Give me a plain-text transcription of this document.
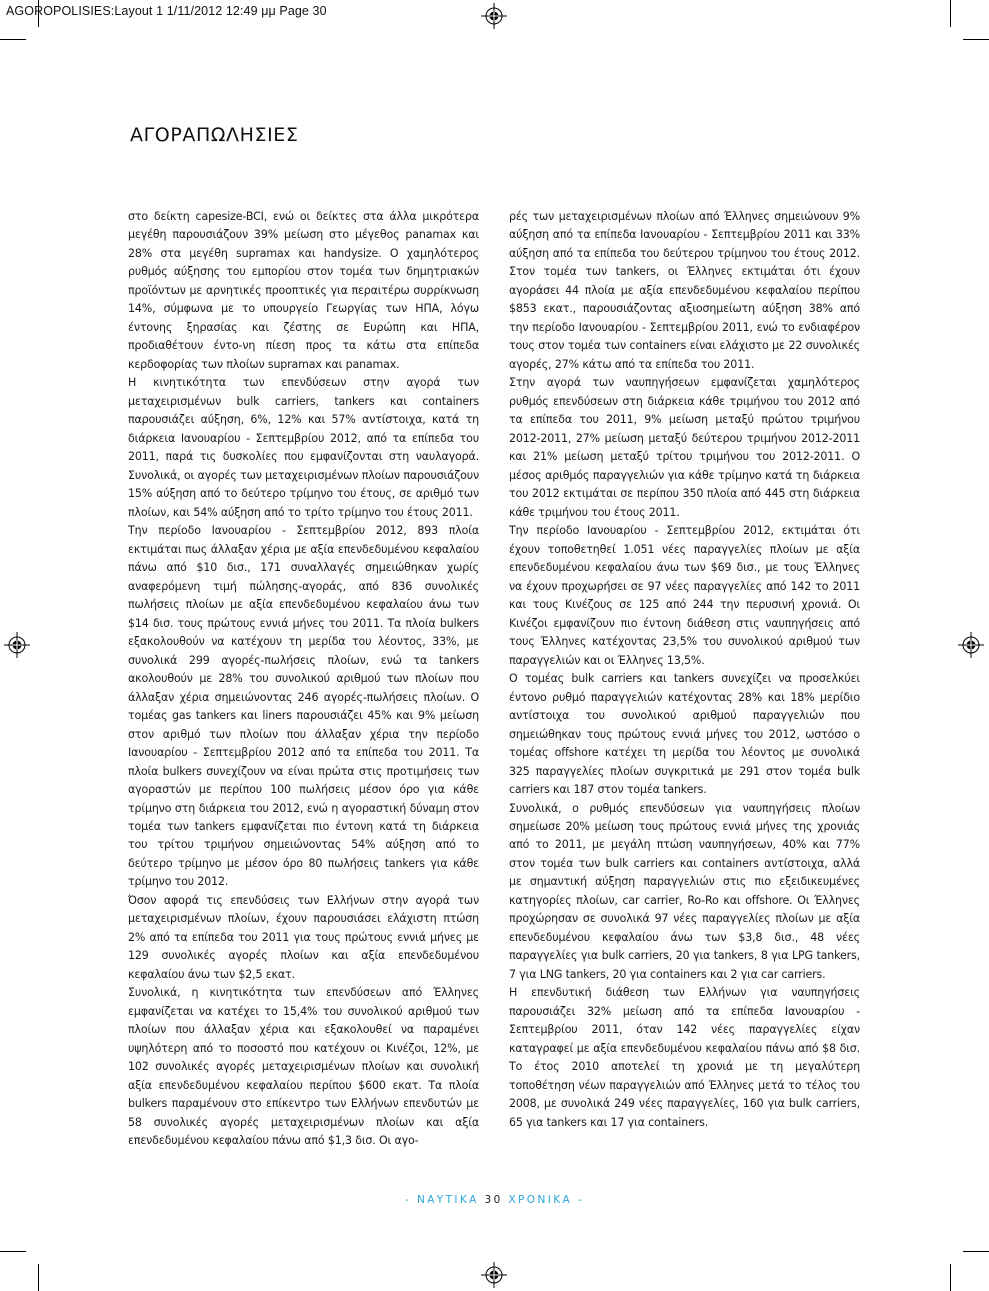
AGOROPOLISIES:Layout 1 1/11/2012 12:49 μμ Page 30
ΑΓΟΡΑΠΩΛΗΣΙΕΣ

στο δείκτη capesize-BCI, ενώ οι δείκτες στα άλλα μικρότερα μεγέθη παρουσιάζουν 39% μείωση στο μέγεθος panamax και 28% στα μεγέθη supramax και handysize. Ο χαμηλότερος ρυθμός αύξησης του εμπορίου στον τομέα των δημητριακών προϊόντων με αρνητικές προοπτικές για περαιτέρω συρρίκνωση 14%, σύμφωνα με το υπουργείο Γεωργίας των ΗΠΑ, λόγω έντονης ξηρασίας και ζέστης σε Ευρώπη και ΗΠΑ, προδιαθέτουν έντο-νη πίεση προς τα κάτω στα επίπεδα κερδοφορίας των πλοίων supramax και panamax.

Η κινητικότητα των επενδύσεων στην αγορά των μεταχειρισμένων bulk carriers, tankers και containers παρουσιάζει αύξηση, 6%, 12% και 57% αντίστοιχα, κατά τη διάρκεια Ιανουαρίου - Σεπτεμβρίου 2012, από τα επίπεδα του 2011, παρά τις δυσκολίες που εμφανίζονται στη ναυλαγορά. Συνολικά, οι αγορές των μεταχειρισμένων πλοίων παρουσιάζουν 15% αύξηση από το δεύτερο τρίμηνο του έτους, σε αριθμό των πλοίων, και 54% αύξηση από το τρίτο τρίμηνο του έτους 2011.

Την περίοδο Ιανουαρίου - Σεπτεμβρίου 2012, 893 πλοία εκτιμάται πως άλλαξαν χέρια με αξία επενδεδυμένου κεφαλαίου πάνω από $10 δισ., 171 συναλλαγές σημειώθηκαν χωρίς αναφερόμενη τιμή πώλησης-αγοράς, από 836 συνολικές πωλήσεις πλοίων με αξία επενδεδυμένου κεφαλαίου άνω των $14 δισ. τους πρώτους εννιά μήνες του 2011. Τα πλοία bulkers εξακολουθούν να κατέχουν τη μερίδα του λέοντος, 33%, με συνολικά 299 αγορές-πωλήσεις πλοίων, ενώ τα tankers ακολουθούν με 28% του συνολικού αριθμού των πλοίων που άλλαξαν χέρια σημειώνοντας 246 αγορές-πωλήσεις πλοίων. Ο τομέας gas tankers και liners παρουσιάζει 45% και 9% μείωση στον αριθμό των πλοίων που άλλαξαν χέρια την περίοδο Ιανουαρίου - Σεπτεμβρίου 2012 από τα επίπεδα του 2011. Τα πλοία bulkers συνεχίζουν να είναι πρώτα στις προτιμήσεις των αγοραστών με περίπου 100 πωλήσεις μέσον όρο για κάθε τρίμηνο στη διάρκεια του 2012, ενώ η αγοραστική δύναμη στον τομέα των tankers εμφανίζεται πιο έντονη κατά τη διάρκεια του τρίτου τριμήνου σημειώνοντας 54% αύξηση από το δεύτερο τρίμηνο με μέσον όρο 80 πωλήσεις tankers για κάθε τρίμηνο του 2012.

Όσον αφορά τις επενδύσεις των Ελλήνων στην αγορά των μεταχειρισμένων πλοίων, έχουν παρουσιάσει ελάχιστη πτώση 2% από τα επίπεδα του 2011 για τους πρώτους εννιά μήνες με 129 συνολικές αγορές πλοίων και αξία επενδεδυμένου κεφαλαίου άνω των $2,5 εκατ.

Συνολικά, η κινητικότητα των επενδύσεων από Έλληνες εμφανίζεται να κατέχει το 15,4% του συνολικού αριθμού των πλοίων που άλλαξαν χέρια και εξακολουθεί να παραμένει υψηλότερη από το ποσοστό που κατέχουν οι Κινέζοι, 12%, με 102 συνολικές αγορές μεταχειρισμένων πλοίων και συνολική αξία επενδεδυμένου κεφαλαίου περίπου $600 εκατ. Τα πλοία bulkers παραμένουν στο επίκεντρο των Ελλήνων επενδυτών με 58 συνολικές αγορές μεταχειρισμένων πλοίων και αξία επενδεδυμένου κεφαλαίου πάνω από $1,3 δισ. Οι αγο-

ρές των μεταχειρισμένων πλοίων από Έλληνες σημειώνουν 9% αύξηση από τα επίπεδα Ιανουαρίου - Σεπτεμβρίου 2011 και 33% αύξηση από τα επίπεδα του δεύτερου τρίμηνου του έτους 2012. Στον τομέα των tankers, οι Έλληνες εκτιμάται ότι έχουν αγοράσει 44 πλοία με αξία επενδεδυμένου κεφαλαίου περίπου $853 εκατ., παρουσιάζοντας αξιοσημείωτη αύξηση 38% από την περίοδο Ιανουαρίου - Σεπτεμβρίου 2011, ενώ το ενδιαφέρον τους στον τομέα των containers είναι ελάχιστο με 22 συνολικές αγορές, 27% κάτω από τα επίπεδα του 2011.

Στην αγορά των ναυπηγήσεων εμφανίζεται χαμηλότερος ρυθμός επενδύσεων στη διάρκεια κάθε τριμήνου του 2012 από τα επίπεδα του 2011, 9% μείωση μεταξύ πρώτου τριμήνου 2012-2011, 27% μείωση μεταξύ δεύτερου τριμήνου 2012-2011 και 21% μείωση μεταξύ τρίτου τριμήνου του 2012-2011. Ο μέσος αριθμός παραγγελιών για κάθε τρίμηνο κατά τη διάρκεια του 2012 εκτιμάται σε περίπου 350 πλοία από 445 στη διάρκεια κάθε τριμήνου του έτους 2011.

Την περίοδο Ιανουαρίου - Σεπτεμβρίου 2012, εκτιμάται ότι έχουν τοποθετηθεί 1.051 νέες παραγγελίες πλοίων με αξία επενδεδυμένου κεφαλαίου άνω των $69 δισ., με τους Έλληνες να έχουν προχωρήσει σε 97 νέες παραγγελίες από 142 το 2011 και τους Κινέζους σε 125 από 244 την περυσινή χρονιά. Οι Κινέζοι εμφανίζουν πιο έντονη διάθεση στις ναυπηγήσεις από τους Έλληνες κατέχοντας 23,5% του συνολικού αριθμού των παραγγελιών και οι Έλληνες 13,5%.

Ο τομέας bulk carriers και tankers συνεχίζει να προσελκύει έντονο ρυθμό παραγγελιών κατέχοντας 28% και 18% μερίδιο αντίστοιχα του συνολικού αριθμού παραγγελιών που σημειώθηκαν τους πρώτους εννιά μήνες του 2012, ωστόσο ο τομέας offshore κατέχει τη μερίδα του λέοντος με συνολικά 325 παραγγελίες πλοίων συγκριτικά με 291 στον τομέα bulk carriers και 187 στον τομέα tankers.

Συνολικά, ο ρυθμός επενδύσεων για ναυπηγήσεις πλοίων σημείωσε 20% μείωση τους πρώτους εννιά μήνες της χρονιάς από το 2011, με μεγάλη πτώση ναυπηγήσεων, 40% και 77% στον τομέα των bulk carriers και containers αντίστοιχα, αλλά με σημαντική αύξηση παραγγελιών στις πιο εξειδικευμένες κατηγορίες πλοίων, car carrier, Ro-Ro και offshore. Οι Έλληνες προχώρησαν σε συνολικά 97 νέες παραγγελίες πλοίων με αξία επενδεδυμένου κεφαλαίου άνω των $3,8 δισ., 48 νέες παραγγελίες για bulk carriers, 20 για tankers, 8 για LPG tankers, 7 για LNG tankers, 20 για containers και 2 για car carriers.

Η επενδυτική διάθεση των Ελλήνων για ναυπηγήσεις παρουσιάζει 32% μείωση από τα επίπεδα Ιανουαρίου - Σεπτεμβρίου 2011, όταν 142 νέες παραγγελίες είχαν καταγραφεί με αξία επενδεδυμένου κεφαλαίου πάνω από $8 δισ. Το έτος 2010 αποτελεί τη χρονιά με τη μεγαλύτερη τοποθέτηση νέων παραγγελιών από Έλληνες μετά το τέλος του 2008, με συνολικά 249 νέες παραγγελίες, 160 για bulk carriers, 65 για tankers και 17 για containers.

- ΝΑΥΤΙΚΑ 30 ΧΡΟΝΙΚΑ -
